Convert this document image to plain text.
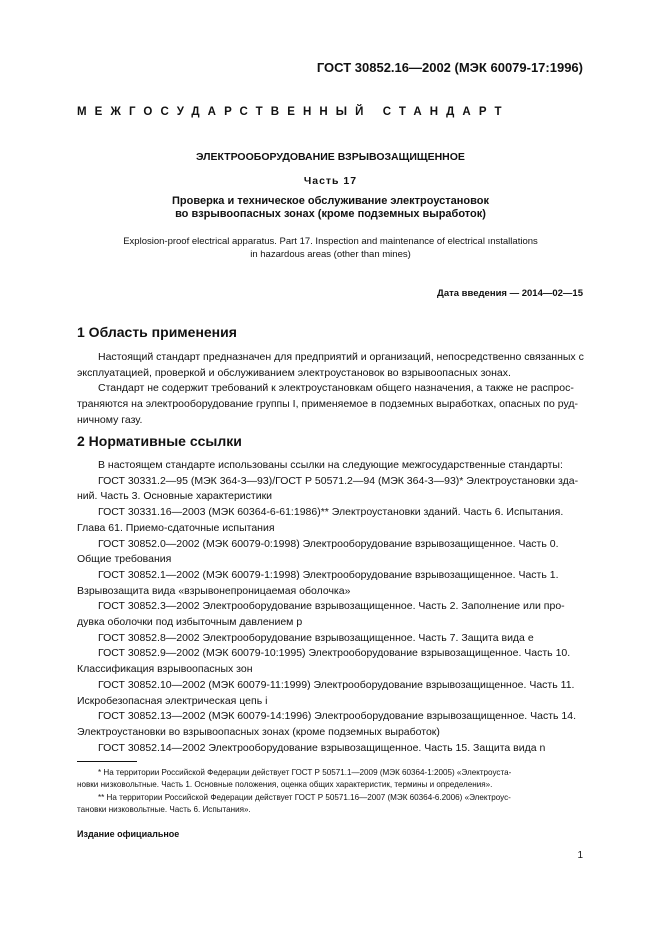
ГОСТ 30852.16—2002 (МЭК 60079-17:1996)
МЕЖГОСУДАРСТВЕННЫЙ СТАНДАРТ
ЭЛЕКТРООБОРУДОВАНИЕ ВЗРЫВОЗАЩИЩЕННОЕ
Часть 17
Проверка и техническое обслуживание электроустановок
во взрывоопасных зонах (кроме подземных выработок)
Explosion-proof electrical apparatus. Part 17. Inspection and maintenance of electrical ınstallations
in hazardous areas (other than mines)
Дата введения — 2014—02—15
1 Область применения

Настоящий стандарт предназначен для предприятий и организаций, непосредственно связанных с

эксплуатацией, проверкой и обслуживанием электроустановок во взрывоопасных зонах.

Стандарт не содержит требований к электроустановкам общего назначения, а также не распрос-

траняются на электрооборудование группы I, применяемое в подземных выработках, опасных по руд-

ничному газу.

2 Нормативные ссылки

В настоящем стандарте использованы ссылки на следующие межгосударственные стандарты:

ГОСТ 30331.2—95 (МЭК 364-3—93)/ГОСТ Р 50571.2—94 (МЭК 364-3—93)* Электроустановки зда-

ний. Часть 3. Основные характеристики

ГОСТ 30331.16—2003 (МЭК 60364-6-61:1986)** Электроустановки зданий. Часть 6. Испытания.

Глава 61. Приемо-сдаточные испытания

ГОСТ 30852.0—2002 (МЭК 60079-0:1998) Электрооборудование взрывозащищенное. Часть 0.

Общие требования

ГОСТ 30852.1—2002 (МЭК 60079-1:1998) Электрооборудование взрывозащищенное. Часть 1.

Взрывозащита вида «взрывонепроницаемая оболочка»

ГОСТ 30852.3—2002 Электрооборудование взрывозащищенное. Часть 2. Заполнение или про-

дувка оболочки под избыточным давлением р

ГОСТ 30852.8—2002 Электрооборудование взрывозащищенное. Часть 7. Защита вида е

ГОСТ 30852.9—2002 (МЭК 60079-10:1995) Электрооборудование взрывозащищенное. Часть 10.

Классификация взрывоопасных зон

ГОСТ 30852.10—2002 (МЭК 60079-11:1999) Электрооборудование взрывозащищенное. Часть 11.

Искробезопасная электрическая цепь i

ГОСТ 30852.13—2002 (МЭК 60079-14:1996) Электрооборудование взрывозащищенное. Часть 14.

Электроустановки во взрывоопасных зонах (кроме подземных выработок)

ГОСТ 30852.14—2002 Электрооборудование взрывозащищенное. Часть 15. Защита вида n

* На территории Российской Федерации действует ГОСТ Р 50571.1—2009 (МЭК 60364-1:2005) «Электроуста-

новки низковольтные. Часть 1. Основные положения, оценка общих характеристик, термины и определения».

** На территории Российской Федерации действует ГОСТ Р 50571.16—2007 (МЭК 60364-6.2006) «Электроус-

тановки низковольтные. Часть 6. Испытания».

Издание официальное
1
